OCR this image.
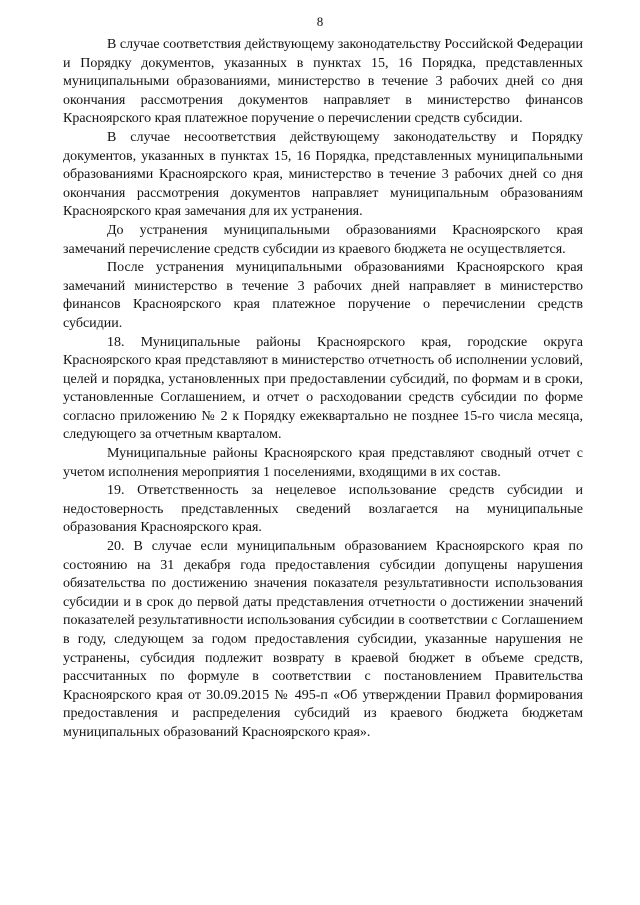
8

В случае соответствия действующему законодательству Российской Федерации и Порядку документов, указанных в пунктах 15, 16 Порядка, представленных муниципальными образованиями, министерство в течение 3 рабочих дней со дня окончания рассмотрения документов направляет в министерство финансов Красноярского края платежное поручение о перечислении средств субсидии.

В случае несоответствия действующему законодательству и Порядку документов, указанных в пунктах 15, 16 Порядка, представленных муниципальными образованиями Красноярского края, министерство в течение 3 рабочих дней со дня окончания рассмотрения документов направляет муниципальным образованиям Красноярского края замечания для их устранения.

До устранения муниципальными образованиями Красноярского края замечаний перечисление средств субсидии из краевого бюджета не осуществляется.

После устранения муниципальными образованиями Красноярского края замечаний министерство в течение 3 рабочих дней направляет в министерство финансов Красноярского края платежное поручение о перечислении средств субсидии.

18. Муниципальные районы Красноярского края, городские округа Красноярского края представляют в министерство отчетность об исполнении условий, целей и порядка, установленных при предоставлении субсидий, по формам и в сроки, установленные Соглашением, и отчет о расходовании средств субсидии по форме согласно приложению № 2 к Порядку ежеквартально не позднее 15-го числа месяца, следующего за отчетным кварталом.

Муниципальные районы Красноярского края представляют сводный отчет с учетом исполнения мероприятия 1 поселениями, входящими в их состав.

19. Ответственность за нецелевое использование средств субсидии и недостоверность представленных сведений возлагается на муниципальные образования Красноярского края.

20. В случае если муниципальным образованием Красноярского края по состоянию на 31 декабря года предоставления субсидии допущены нарушения обязательства по достижению значения показателя результативности использования субсидии и в срок до первой даты представления отчетности о достижении значений показателей результативности использования субсидии в соответствии с Соглашением в году, следующем за годом предоставления субсидии, указанные нарушения не устранены, субсидия подлежит возврату в краевой бюджет в объеме средств, рассчитанных по формуле в соответствии с постановлением Правительства Красноярского края от 30.09.2015 № 495-п «Об утверждении Правил формирования предоставления и распределения субсидий из краевого бюджета бюджетам муниципальных образований Красноярского края».
